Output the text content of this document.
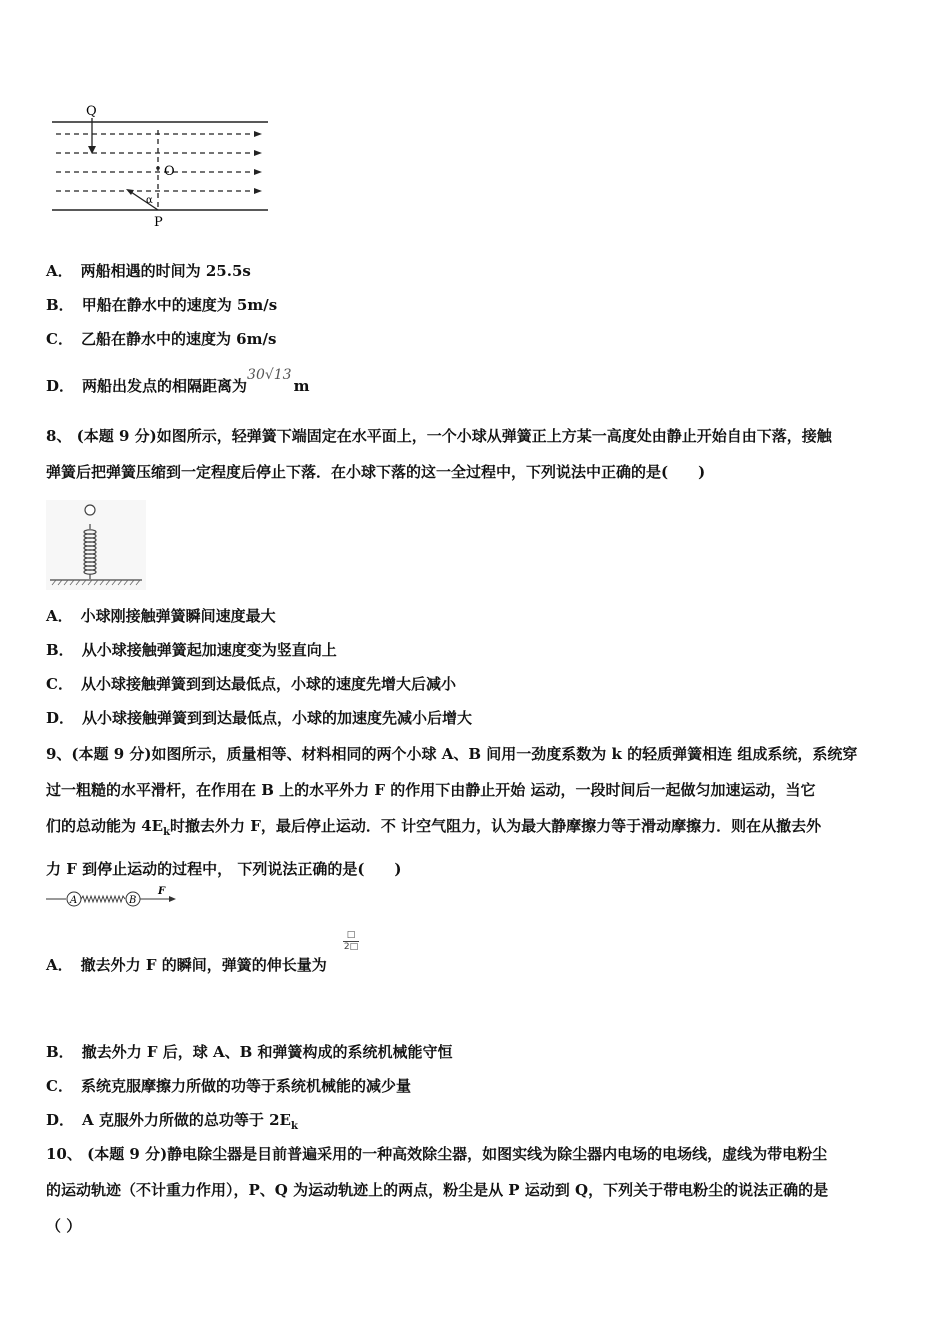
Q
O
P
α
A． 两船相遇的时间为 25.5s
B． 甲船在静水中的速度为 5m/s
C． 乙船在静水中的速度为 6m/s
D． 两船出发点的相隔距离为30√13m
8、 (本题 9 分)如图所示，轻弹簧下端固定在水平面上，一个小球从弹簧正上方某一高度处由静止开始自由下落，接触
弹簧后把弹簧压缩到一定程度后停止下落．在小球下落的这一全过程中，下列说法中正确的是(　　)
A． 小球刚接触弹簧瞬间速度最大
B． 从小球接触弹簧起加速度变为竖直向上
C． 从小球接触弹簧到到达最低点，小球的速度先增大后减小
D． 从小球接触弹簧到到达最低点，小球的加速度先减小后增大
9、(本题 9 分)如图所示，质量相等、材料相同的两个小球 A、B 间用一劲度系数为 k 的轻质弹簧相连 组成系统，系统穿
过一粗糙的水平滑杆，在作用在 B 上的水平外力 F 的作用下由静止开始 运动，一段时间后一起做匀加速运动，当它
们的总动能为 $4E_k$时撤去外力 F，最后停止运动．不 计空气阻力，认为最大静摩擦力等于滑动摩擦力．则在从撤去外
力 F 到停止运动的过程中， 下列说法正确的是(　　)
A	B
F
A． 撤去外力 F 的瞬间，弹簧的伸长量为
□
2□
B． 撤去外力 F 后，球 A、B 和弹簧构成的系统机械能守恒
C． 系统克服摩擦力所做的功等于系统机械能的减少量
D． A 克服外力所做的总功等于 $2E_k$
10、 (本题 9 分)静电除尘器是目前普遍采用的一种高效除尘器，如图实线为除尘器内电场的电场线，虚线为带电粉尘
的运动轨迹（不计重力作用），P、Q 为运动轨迹上的两点，粉尘是从 P 运动到 Q，下列关于带电粉尘的说法正确的是
（ ）
